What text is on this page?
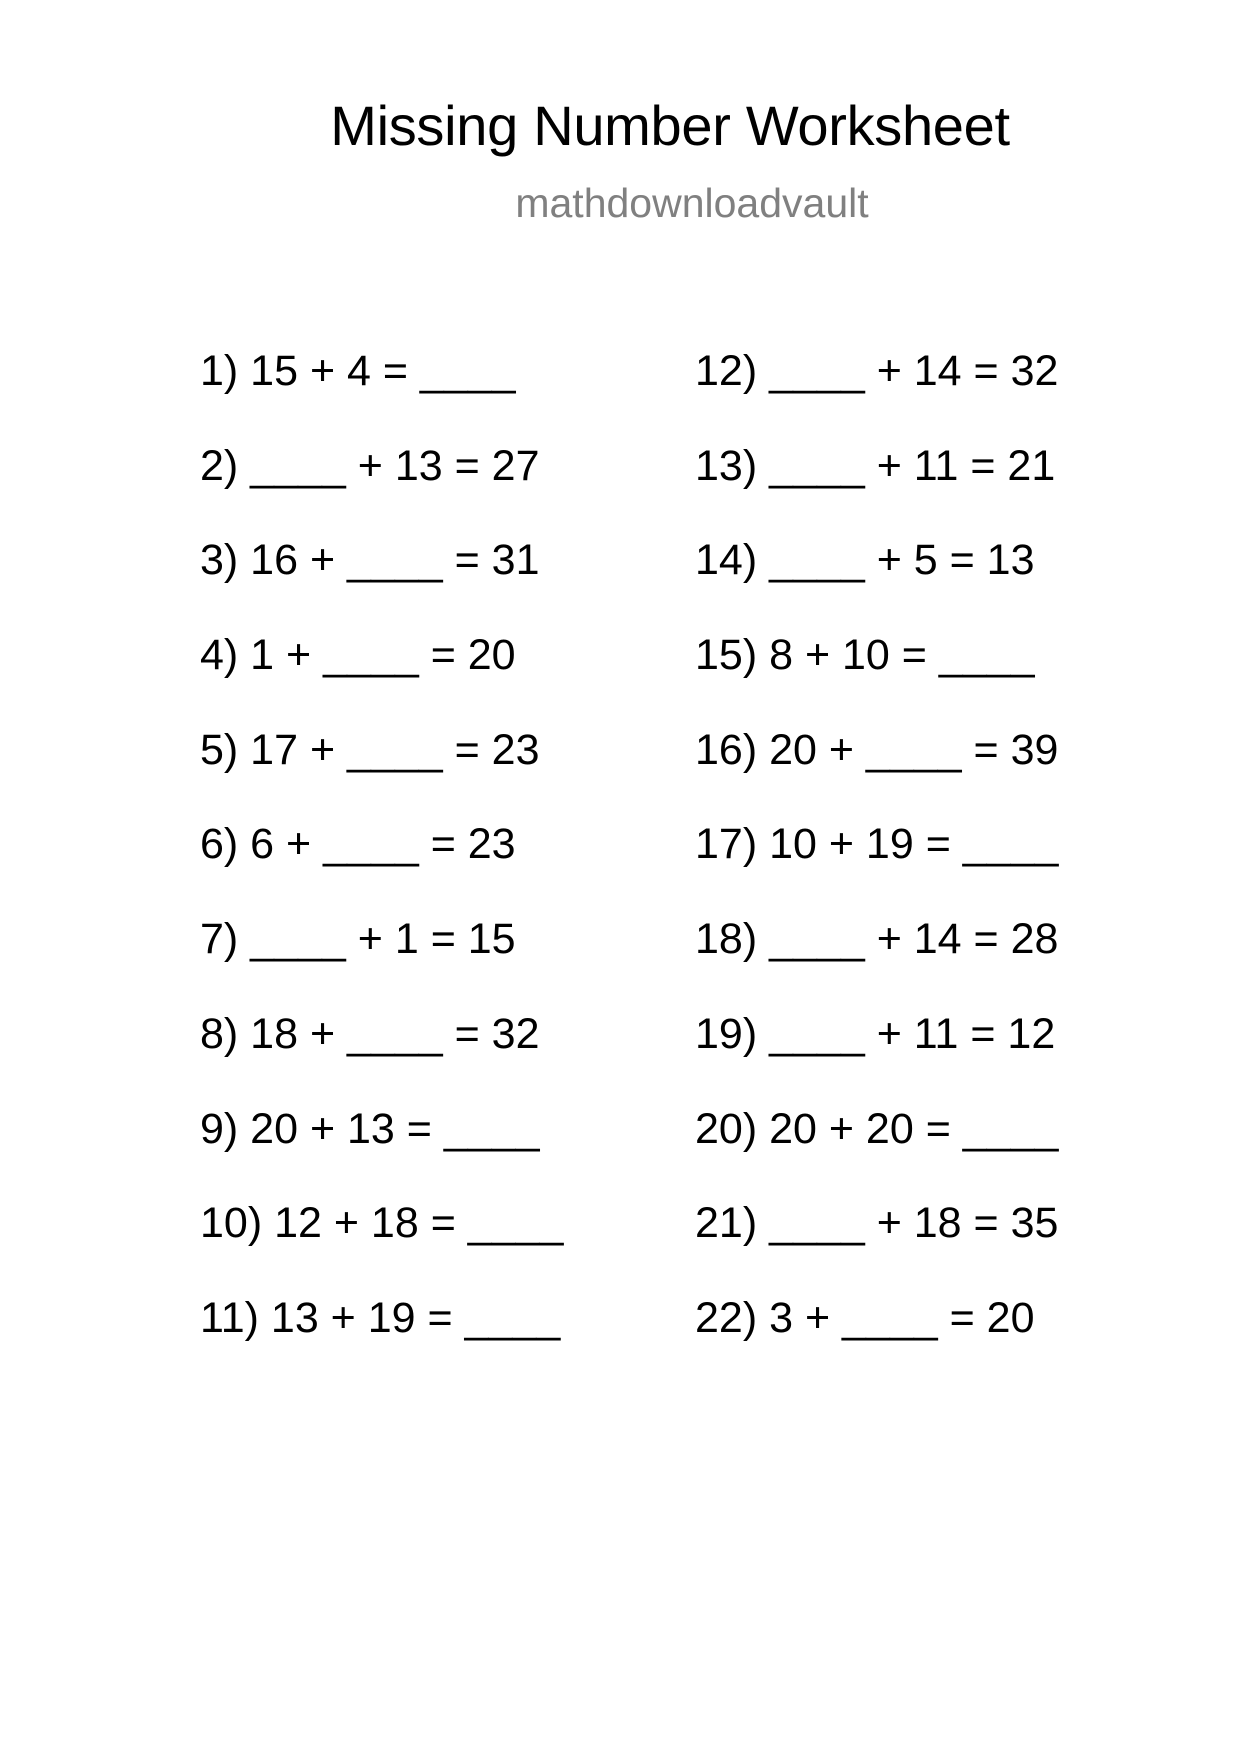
Missing Number Worksheet
mathdownloadvault
1) 15 + 4 = ____
2) ____ + 13 = 27
3) 16 + ____ = 31
4) 1 + ____ = 20
5) 17 + ____ = 23
6) 6 + ____ = 23
7) ____ + 1 = 15
8) 18 + ____ = 32
9) 20 + 13 = ____
10) 12 + 18 = ____
11) 13 + 19 = ____
12) ____ + 14 = 32
13) ____ + 11 = 21
14) ____ + 5 = 13
15) 8 + 10 = ____
16) 20 + ____ = 39
17) 10 + 19 = ____
18) ____ + 14 = 28
19) ____ + 11 = 12
20) 20 + 20 = ____
21) ____ + 18 = 35
22) 3 + ____ = 20
